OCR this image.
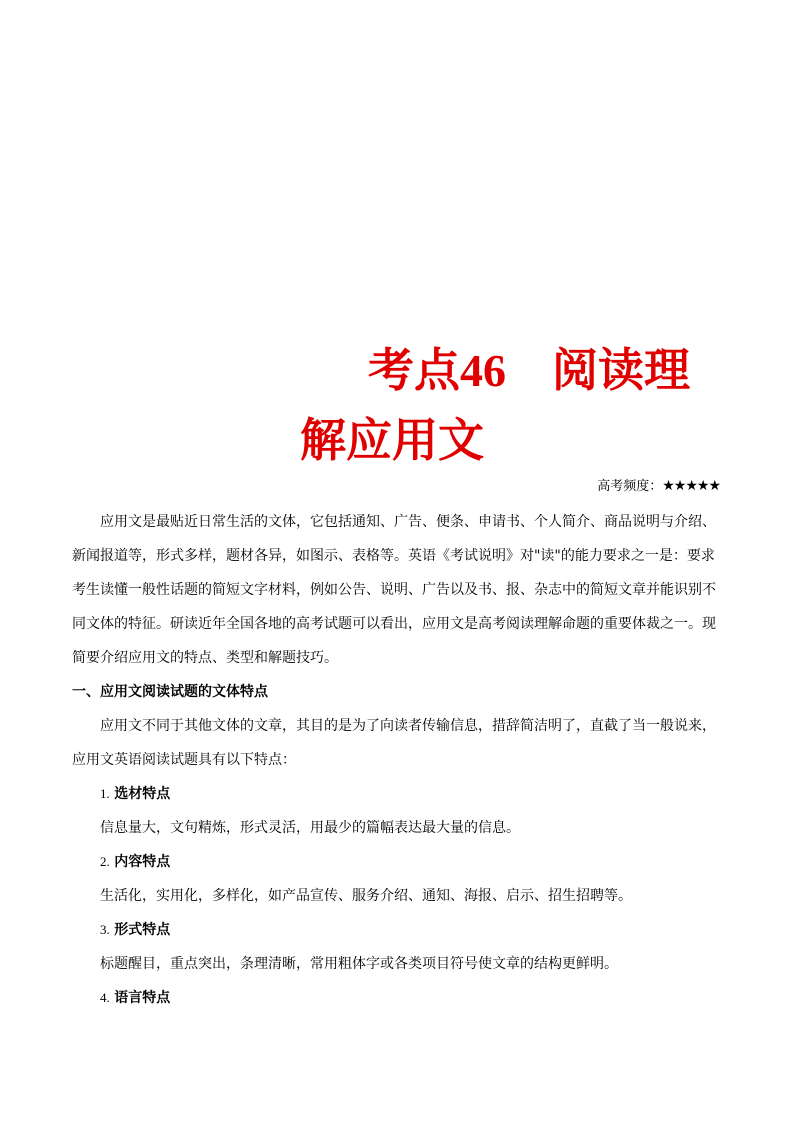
考点46　阅读理
解应用文
高考频度：★★★★★

应用文是最贴近日常生活的文体，它包括通知、广告、便条、申请书、个人简介、商品说明与介绍、新闻报道等，形式多样，题材各异，如图示、表格等。英语《考试说明》对"读"的能力要求之一是：要求考生读懂一般性话题的简短文字材料，例如公告、说明、广告以及书、报、杂志中的简短文章并能识别不同文体的特征。研读近年全国各地的高考试题可以看出，应用文是高考阅读理解命题的重要体裁之一。现简要介绍应用文的特点、类型和解题技巧。

一、应用文阅读试题的文体特点

应用文不同于其他文体的文章，其目的是为了向读者传输信息，措辞简洁明了，直截了当一般说来，应用文英语阅读试题具有以下特点：

1. 选材特点

信息量大，文句精炼，形式灵活，用最少的篇幅表达最大量的信息。

2. 内容特点

生活化，实用化，多样化，如产品宣传、服务介绍、通知、海报、启示、招生招聘等。

3. 形式特点

标题醒目，重点突出，条理清晰，常用粗体字或各类项目符号使文章的结构更鲜明。

4. 语言特点
